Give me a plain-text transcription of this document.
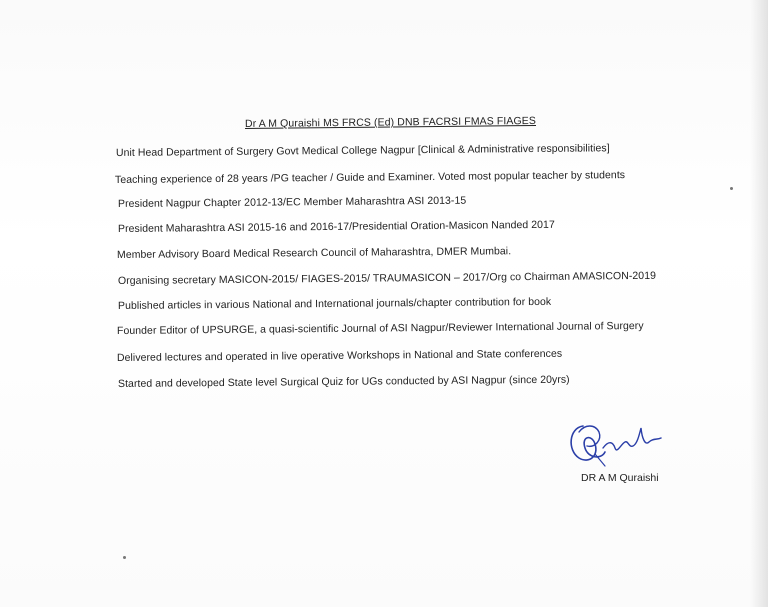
Dr A M Quraishi MS FRCS (Ed) DNB FACRSI FMAS FIAGES
Unit Head Department of Surgery Govt Medical College Nagpur [Clinical & Administrative responsibilities]
Teaching experience of 28 years /PG teacher / Guide and Examiner. Voted most popular teacher by students
President Nagpur Chapter 2012-13/EC Member Maharashtra ASI 2013-15
President Maharashtra ASI 2015-16 and 2016-17/Presidential Oration-Masicon Nanded 2017
Member Advisory Board Medical Research Council of Maharashtra, DMER Mumbai.
Organising secretary MASICON-2015/ FIAGES-2015/ TRAUMASICON – 2017/Org co Chairman AMASICON-2019
Published articles in various National and International journals/chapter contribution for book
Founder Editor of UPSURGE, a quasi-scientific Journal of ASI Nagpur/Reviewer International Journal of Surgery
Delivered lectures and operated in live operative Workshops in National and State conferences
Started and developed State level Surgical Quiz for UGs conducted by ASI Nagpur (since 20yrs)
DR A M Quraishi
